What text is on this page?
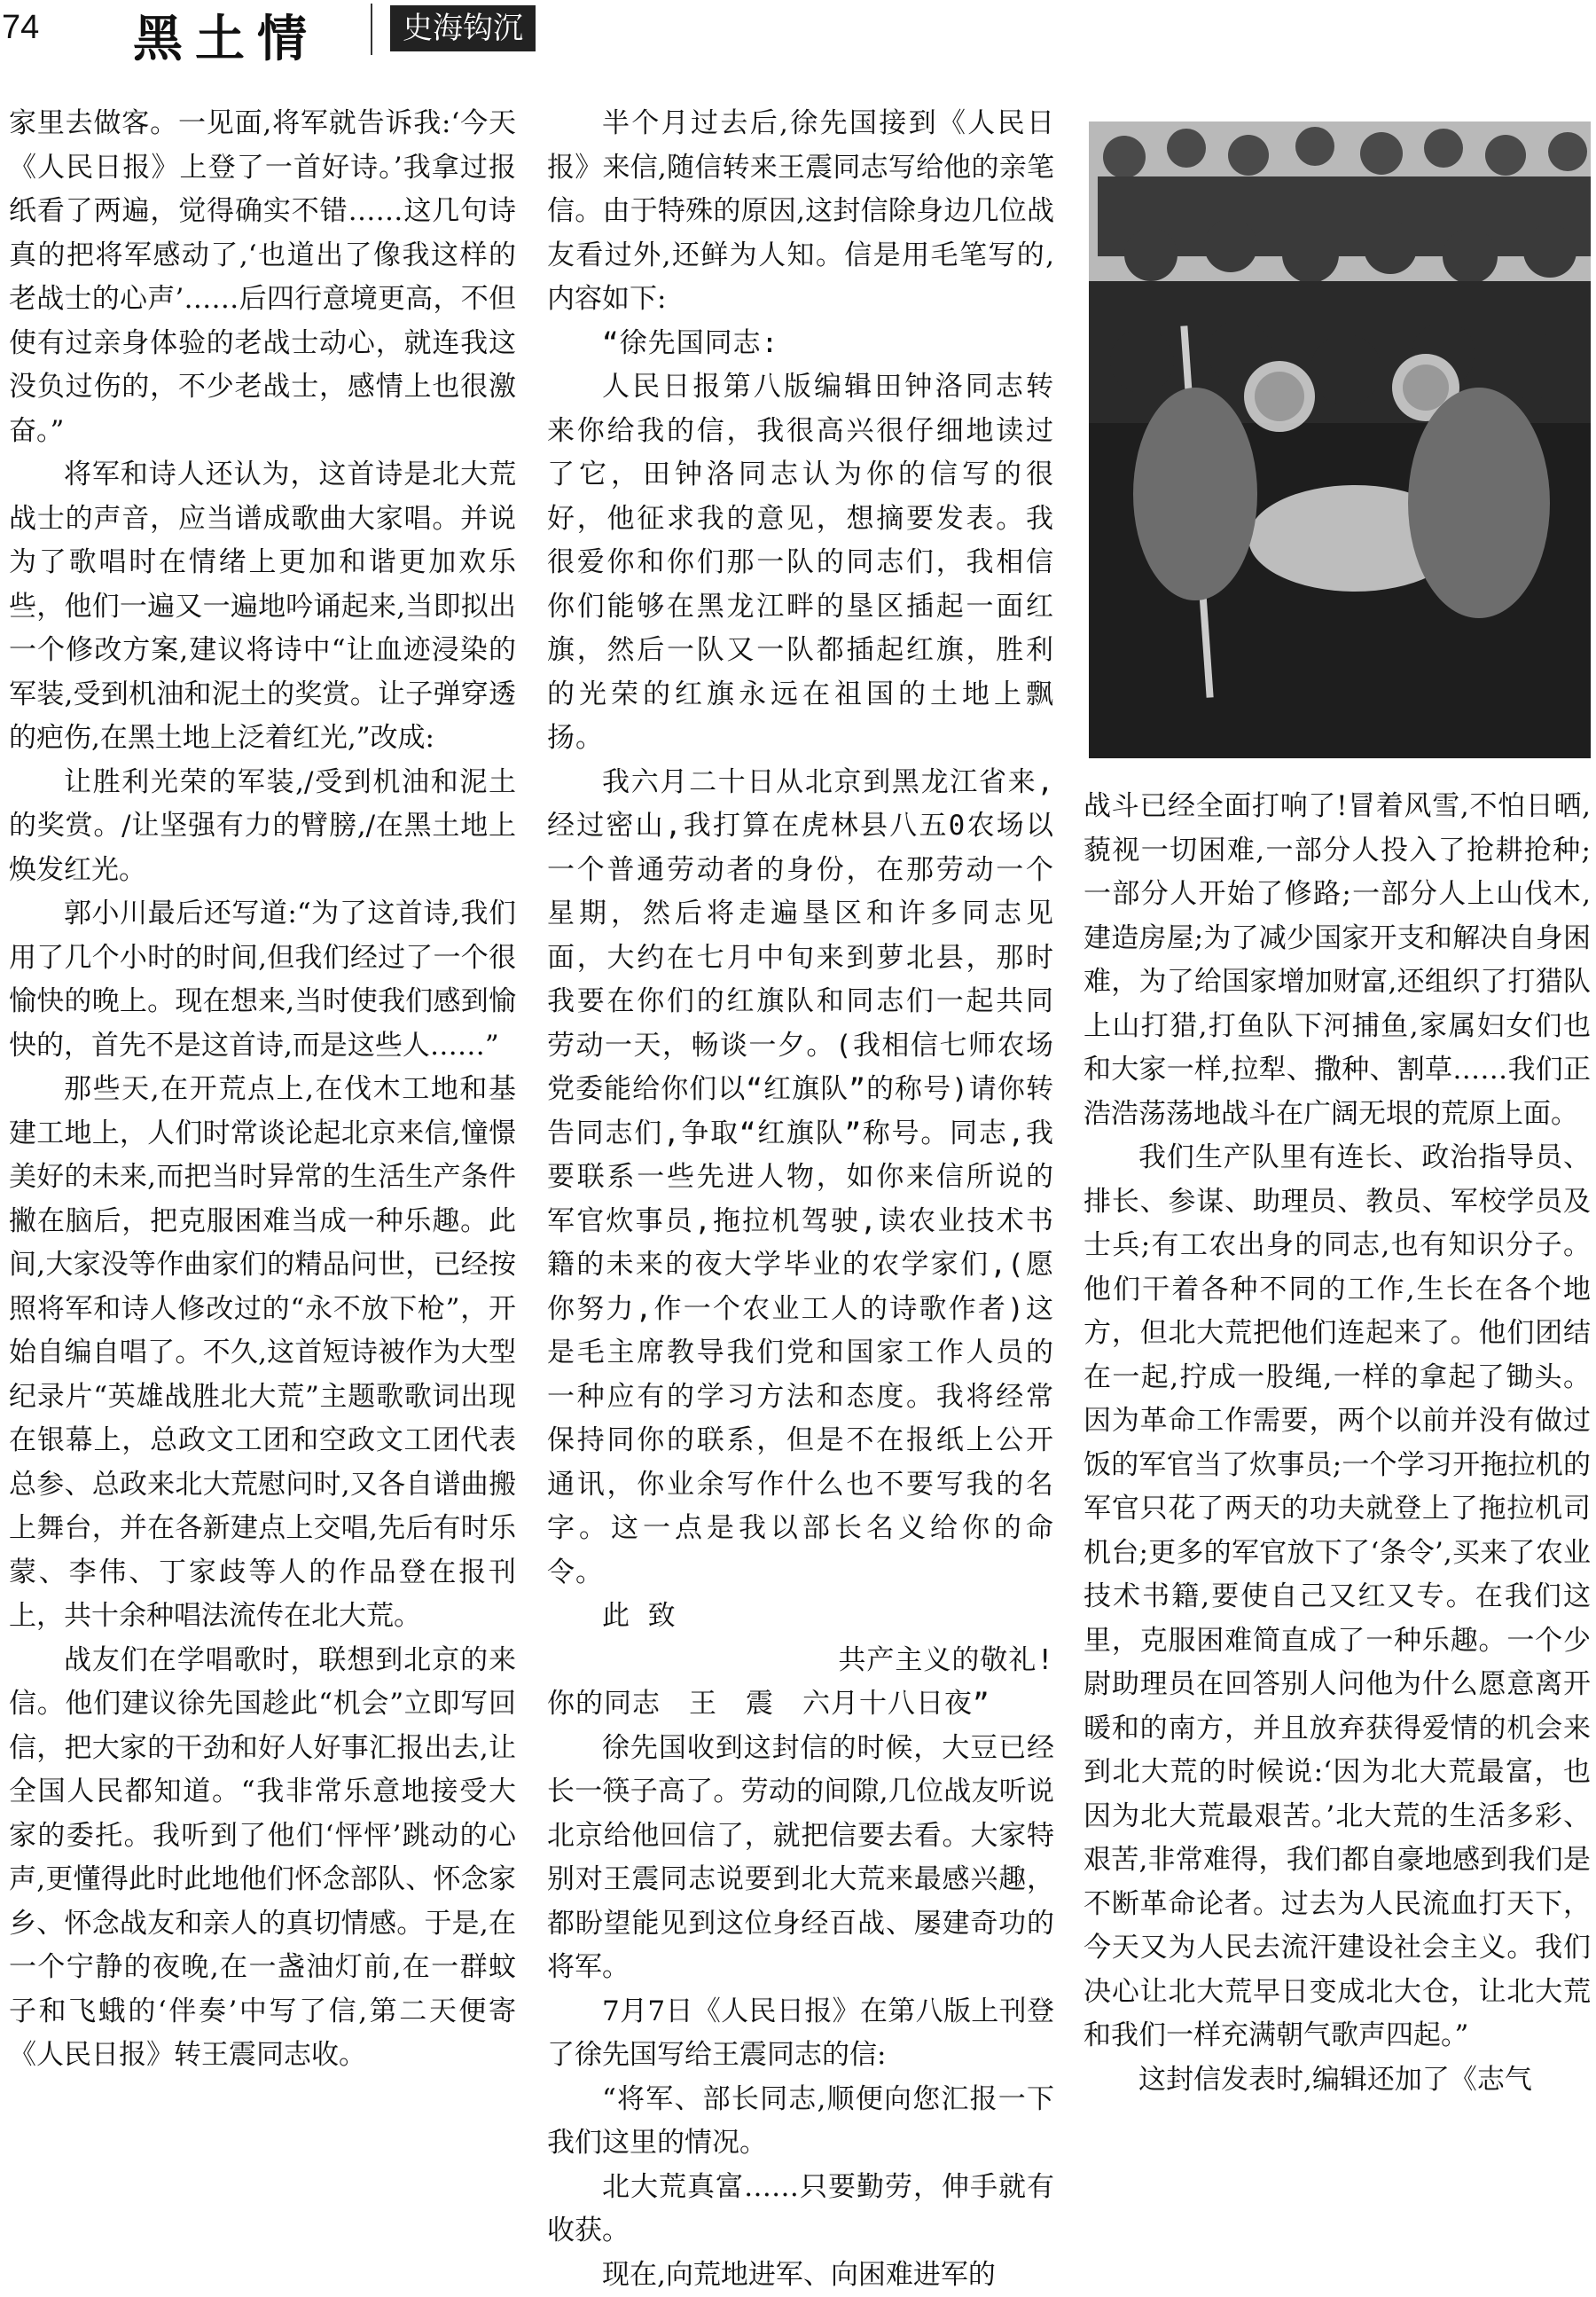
74 黑土情	史海钩沉

家里去做客。一见面,将军就告诉我:‘今天《人民日报》上登了一首好诗。’我拿过报纸看了两遍，觉得确实不错……这几句诗真的把将军感动了,‘也道出了像我这样的老战士的心声’……后四行意境更高，不但使有过亲身体验的老战士动心，就连我这没负过伤的，不少老战士，感情上也很激奋。”

将军和诗人还认为，这首诗是北大荒战士的声音，应当谱成歌曲大家唱。并说为了歌唱时在情绪上更加和谐更加欢乐些，他们一遍又一遍地吟诵起来,当即拟出一个修改方案,建议将诗中“让血迹浸染的军装,受到机油和泥土的奖赏。让子弹穿透的疤伤,在黑土地上泛着红光,”改成:

让胜利光荣的军装,/受到机油和泥土的奖赏。/让坚强有力的臂膀,/在黑土地上焕发红光。

郭小川最后还写道:“为了这首诗,我们用了几个小时的时间,但我们经过了一个很愉快的晚上。现在想来,当时使我们感到愉快的，首先不是这首诗,而是这些人……”

那些天,在开荒点上,在伐木工地和基建工地上，人们时常谈论起北京来信,憧憬美好的未来,而把当时异常的生活生产条件撇在脑后，把克服困难当成一种乐趣。此间,大家没等作曲家们的精品问世，已经按照将军和诗人修改过的“永不放下枪”，开始自编自唱了。不久,这首短诗被作为大型纪录片“英雄战胜北大荒”主题歌歌词出现在银幕上，总政文工团和空政文工团代表总参、总政来北大荒慰问时,又各自谱曲搬上舞台，并在各新建点上交唱,先后有时乐蒙、李伟、丁家歧等人的作品登在报刊上，共十余种唱法流传在北大荒。

战友们在学唱歌时，联想到北京的来信。他们建议徐先国趁此“机会”立即写回信，把大家的干劲和好人好事汇报出去,让全国人民都知道。“我非常乐意地接受大家的委托。我听到了他们‘怦怦’跳动的心声,更懂得此时此地他们怀念部队、怀念家乡、怀念战友和亲人的真切情感。于是,在一个宁静的夜晚,在一盏油灯前,在一群蚊子和飞蛾的‘伴奏’中写了信,第二天便寄《人民日报》转王震同志收。

半个月过去后,徐先国接到《人民日报》来信,随信转来王震同志写给他的亲笔信。由于特殊的原因,这封信除身边几位战友看过外,还鲜为人知。信是用毛笔写的,内容如下:

“徐先国同志:

人民日报第八版编辑田钟洛同志转来你给我的信，我很高兴很仔细地读过了它，田钟洛同志认为你的信写的很好，他征求我的意见，想摘要发表。我很爱你和你们那一队的同志们，我相信你们能够在黑龙江畔的垦区插起一面红旗，然后一队又一队都插起红旗，胜利的光荣的红旗永远在祖国的土地上飘扬。

我六月二十日从北京到黑龙江省来,经过密山,我打算在虎林县八五0农场以一个普通劳动者的身份，在那劳动一个星期，然后将走遍垦区和许多同志见面，大约在七月中旬来到萝北县，那时我要在你们的红旗队和同志们一起共同劳动一天，畅谈一夕。(我相信七师农场党委能给你们以“红旗队”的称号)请你转告同志们,争取“红旗队”称号。同志,我要联系一些先进人物，如你来信所说的军官炊事员,拖拉机驾驶,读农业技术书籍的未来的夜大学毕业的农学家们,(愿你努力,作一个农业工人的诗歌作者)这是毛主席教导我们党和国家工作人员的一种应有的学习方法和态度。我将经常保持同你的联系，但是不在报纸上公开通讯，你业余写作什么也不要写我的名字。这一点是我以部长名义给你的命令。

此 致

共产主义的敬礼!

你的同志　王　震　六月十八日夜”

徐先国收到这封信的时候，大豆已经长一筷子高了。劳动的间隙,几位战友听说北京给他回信了，就把信要去看。大家特别对王震同志说要到北大荒来最感兴趣，都盼望能见到这位身经百战、屡建奇功的将军。

7月7日《人民日报》在第八版上刊登了徐先国写给王震同志的信:

“将军、部长同志,顺便向您汇报一下我们这里的情况。

北大荒真富……只要勤劳，伸手就有收获。

现在,向荒地进军、向困难进军的

战斗已经全面打响了!冒着风雪,不怕日晒,藐视一切困难,一部分人投入了抢耕抢种;一部分人开始了修路;一部分人上山伐木,建造房屋;为了减少国家开支和解决自身困难，为了给国家增加财富,还组织了打猎队上山打猎,打鱼队下河捕鱼,家属妇女们也和大家一样,拉犁、撒种、割草……我们正浩浩荡荡地战斗在广阔无垠的荒原上面。

我们生产队里有连长、政治指导员、排长、参谋、助理员、教员、军校学员及士兵;有工农出身的同志,也有知识分子。他们干着各种不同的工作,生长在各个地方，但北大荒把他们连起来了。他们团结在一起,拧成一股绳,一样的拿起了锄头。因为革命工作需要，两个以前并没有做过饭的军官当了炊事员;一个学习开拖拉机的军官只花了两天的功夫就登上了拖拉机司机台;更多的军官放下了‘条令’,买来了农业技术书籍,要使自己又红又专。在我们这里，克服困难简直成了一种乐趣。一个少尉助理员在回答别人问他为什么愿意离开暖和的南方，并且放弃获得爱情的机会来到北大荒的时候说:‘因为北大荒最富，也因为北大荒最艰苦。’北大荒的生活多彩、艰苦,非常难得，我们都自豪地感到我们是不断革命论者。过去为人民流血打天下，今天又为人民去流汗建设社会主义。我们决心让北大荒早日变成北大仓，让北大荒和我们一样充满朝气歌声四起。”

这封信发表时,编辑还加了《志气
